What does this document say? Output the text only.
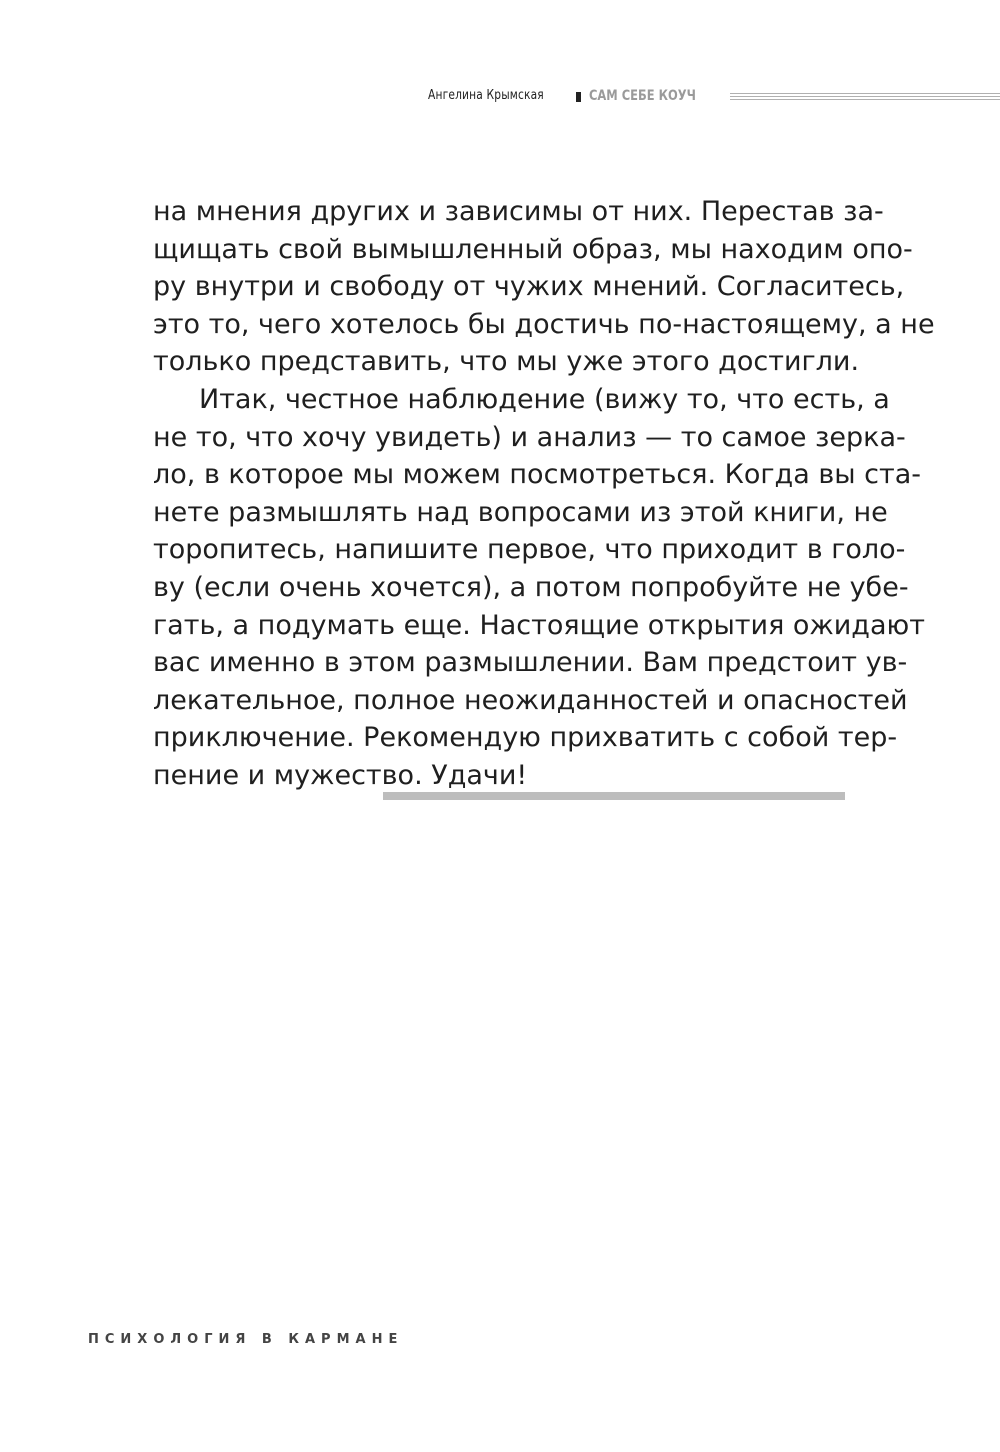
Ангелина Крымская	САМ СЕБЕ КОУЧ
на мнения других и зависимы от них. Перестав за-
щищать свой вымышленный образ, мы находим опо-
ру внутри и свободу от чужих мнений. Согласитесь,
это то, чего хотелось бы достичь по-настоящему, а не
только представить, что мы уже этого достигли.
Итак, честное наблюдение (вижу то, что есть, а
не то, что хочу увидеть) и анализ — то самое зерка-
ло, в которое мы можем посмотреться. Когда вы ста-
нете размышлять над вопросами из этой книги, не
торопитесь, напишите первое, что приходит в голо-
ву (если очень хочется), а потом попробуйте не убе-
гать, а подумать еще. Настоящие открытия ожидают
вас именно в этом размышлении. Вам предстоит ув-
лекательное, полное неожиданностей и опасностей
приключение. Рекомендую прихватить с собой тер-
пение и мужество. Удачи!
ПСИХОЛОГИЯ В КАРМАНЕ
